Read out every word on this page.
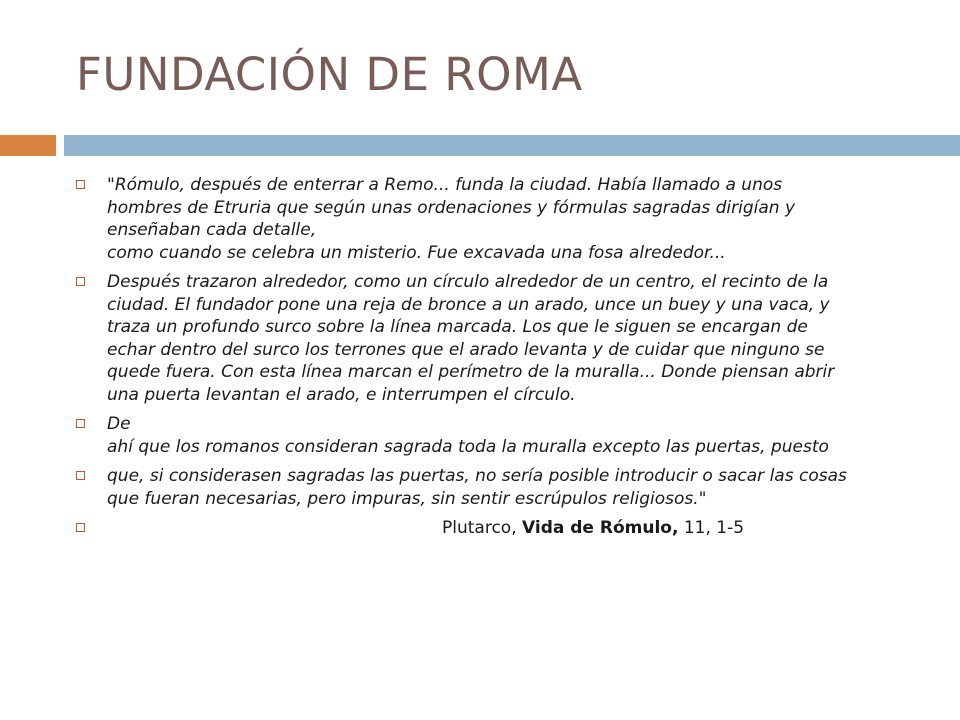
FUNDACIÓN DE ROMA
"Rómulo, después de enterrar a Remo... funda la ciudad. Había llamado a unos
hombres de Etruria que según unas ordenaciones y fórmulas sagradas dirigían y
enseñaban cada detalle,
como cuando se celebra un misterio. Fue excavada una fosa alrededor...
Después trazaron alrededor, como un círculo alrededor de un centro, el recinto de la
ciudad. El fundador pone una reja de bronce a un arado, unce un buey y una vaca, y
traza un profundo surco sobre la línea marcada. Los que le siguen se encargan de
echar dentro del surco los terrones que el arado levanta y de cuidar que ninguno se
quede fuera. Con esta línea marcan el perímetro de la muralla... Donde piensan abrir
una puerta levantan el arado, e interrumpen el círculo.
De
ahí que los romanos consideran sagrada toda la muralla excepto las puertas, puesto
que, si considerasen sagradas las puertas, no sería posible introducir o sacar las cosas
que fueran necesarias, pero impuras, sin sentir escrúpulos religiosos."
Plutarco, Vida de Rómulo, 11, 1-5
